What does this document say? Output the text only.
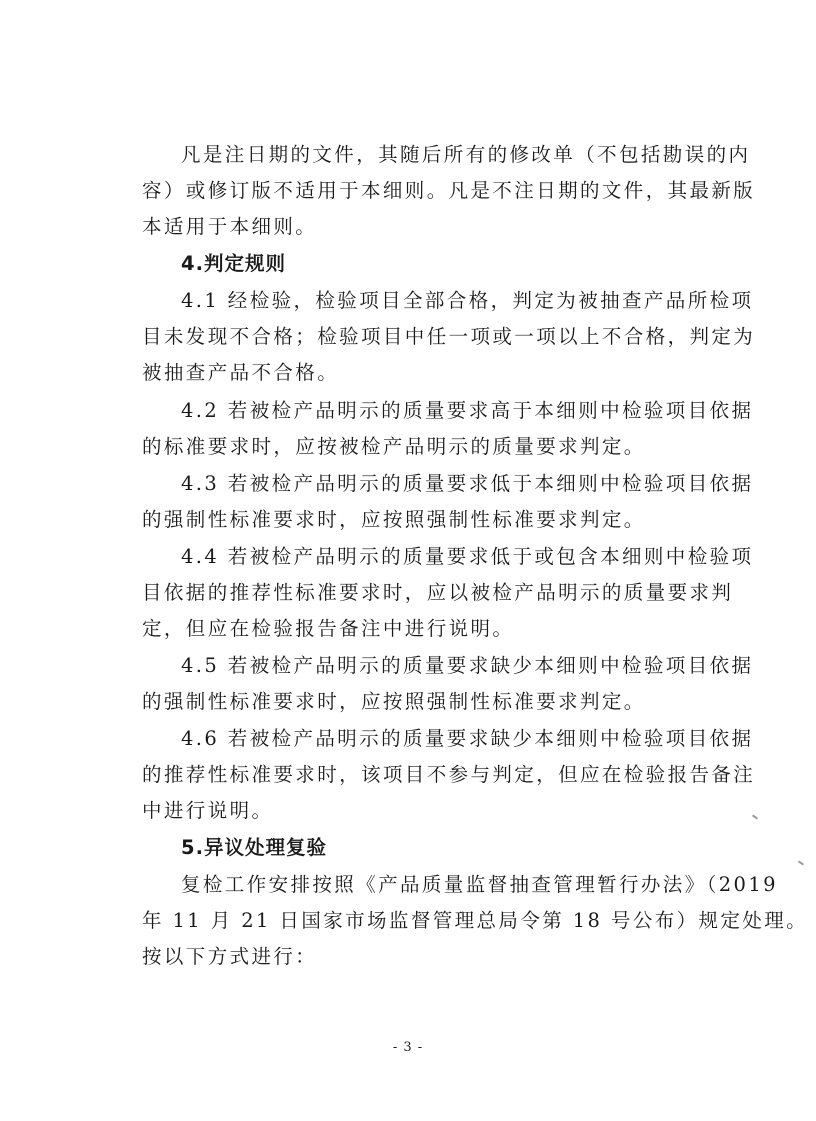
凡是注日期的文件，其随后所有的修改单（不包括勘误的内
容）或修订版不适用于本细则。凡是不注日期的文件，其最新版
本适用于本细则。
4.判定规则
4.1 经检验，检验项目全部合格，判定为被抽查产品所检项
目未发现不合格；检验项目中任一项或一项以上不合格，判定为
被抽查产品不合格。
4.2 若被检产品明示的质量要求高于本细则中检验项目依据
的标准要求时，应按被检产品明示的质量要求判定。
4.3 若被检产品明示的质量要求低于本细则中检验项目依据
的强制性标准要求时，应按照强制性标准要求判定。
4.4 若被检产品明示的质量要求低于或包含本细则中检验项
目依据的推荐性标准要求时，应以被检产品明示的质量要求判
定，但应在检验报告备注中进行说明。
4.5 若被检产品明示的质量要求缺少本细则中检验项目依据
的强制性标准要求时，应按照强制性标准要求判定。
4.6 若被检产品明示的质量要求缺少本细则中检验项目依据
的推荐性标准要求时，该项目不参与判定，但应在检验报告备注
中进行说明。
5.异议处理复验
复检工作安排按照《产品质量监督抽查管理暂行办法》（2019
年 11 月 21 日国家市场监督管理总局令第 18 号公布）规定处理。
按以下方式进行：
- 3 -
